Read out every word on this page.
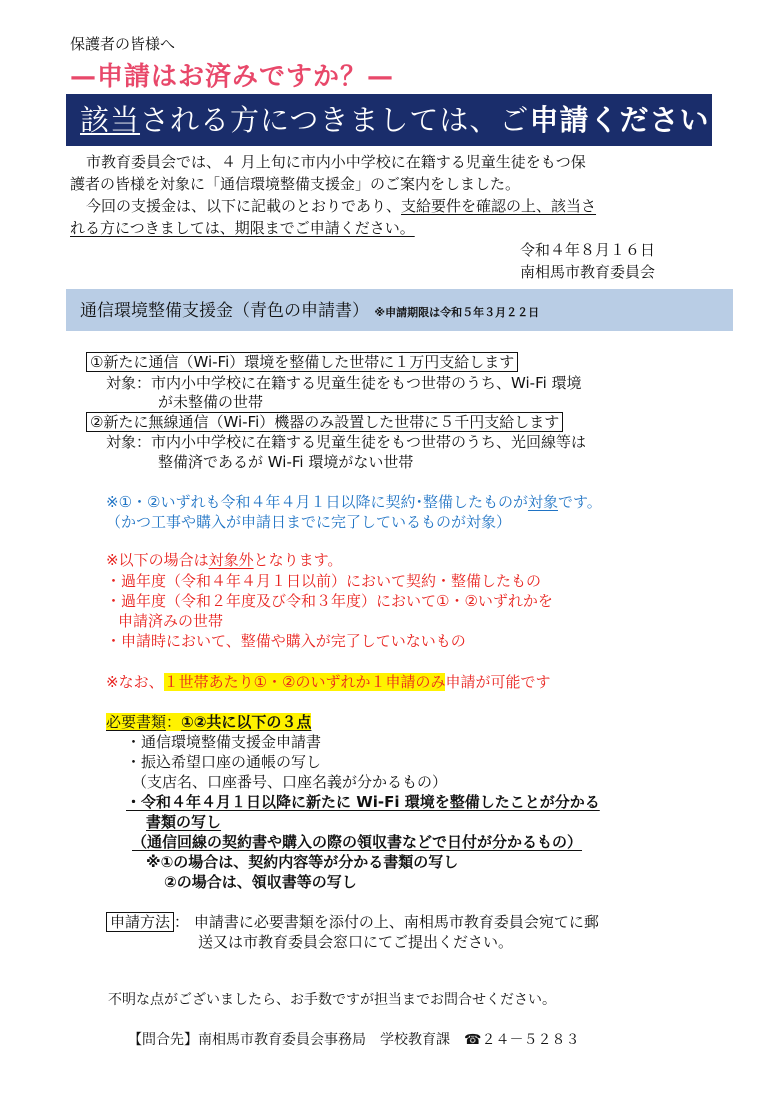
保護者の皆様へ
—申請はお済みですか？—
該当される方につきましては、ご申請ください
市教育委員会では、４ 月上旬に市内小中学校に在籍する児童生徒をもつ保
護者の皆様を対象に「通信環境整備支援金」のご案内をしました。
今回の支援金は、以下に記載のとおりであり、支給要件を確認の上、該当さ
れる方につきましては、期限までご申請ください。
令和４年８月１６日
南相馬市教育委員会
通信環境整備支援金（青色の申請書） ※申請期限は令和５年３月２２日
①新たに通信（Wi-Fi）環境を整備した世帯に１万円支給します
対象：市内小中学校に在籍する児童生徒をもつ世帯のうち、Wi-Fi 環境
が未整備の世帯
②新たに無線通信（Wi-Fi）機器のみ設置した世帯に５千円支給します
対象：市内小中学校に在籍する児童生徒をもつ世帯のうち、光回線等は
整備済であるが Wi-Fi 環境がない世帯
※①・②いずれも令和４年４月１日以降に契約･整備したものが対象です。
（かつ工事や購入が申請日までに完了しているものが対象）
※以下の場合は対象外となります。
・過年度（令和４年４月１日以前）において契約・整備したもの
・過年度（令和２年度及び令和３年度）において①・②いずれかを
申請済みの世帯
・申請時において、整備や購入が完了していないもの
※なお、１世帯あたり①・②のいずれか１申請のみ申請が可能です
必要書類：①②共に以下の３点
・通信環境整備支援金申請書
・振込希望口座の通帳の写し
（支店名、口座番号、口座名義が分かるもの）
・令和４年４月１日以降に新たに Wi-Fi 環境を整備したことが分かる
書類の写し
（通信回線の契約書や購入の際の領収書などで日付が分かるもの）
※①の場合は、契約内容等が分かる書類の写し
②の場合は、領収書等の写し
申請方法 ： 申請書に必要書類を添付の上、南相馬市教育委員会宛てに郵
送又は市教育委員会窓口にてご提出ください。
不明な点がございましたら、お手数ですが担当までお問合せください。
【問合先】南相馬市教育委員会事務局　学校教育課　 ☎２４－５２８３
